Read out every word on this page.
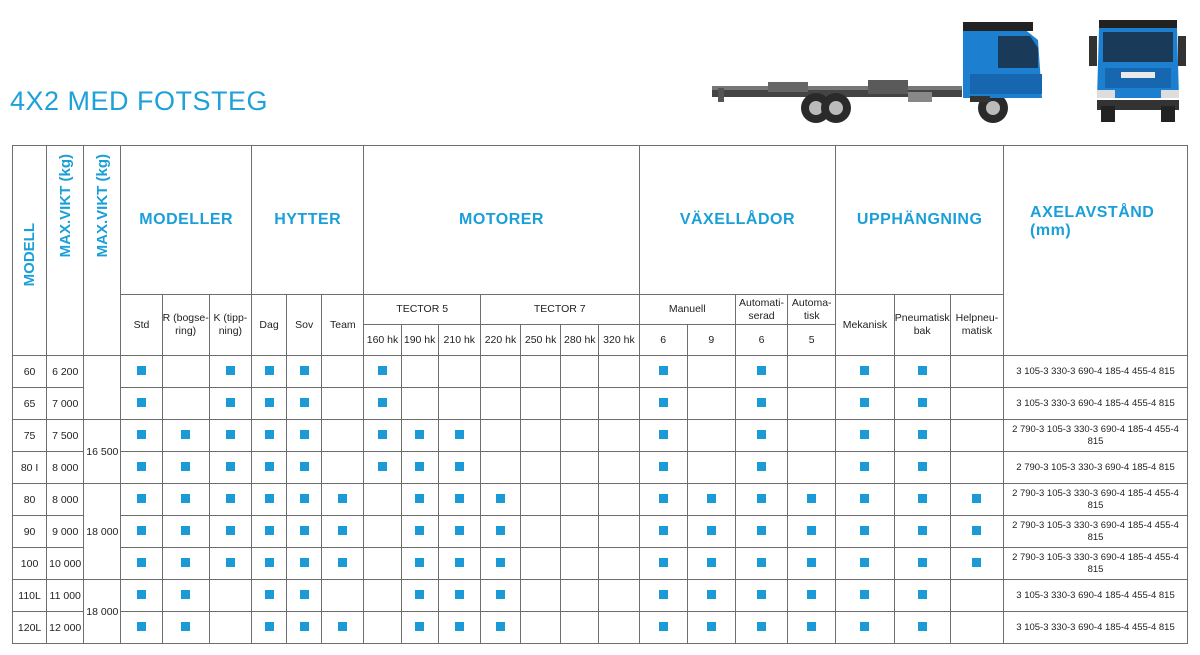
4X2 MED FOTSTEG
MODELL	MAX.VIKT (kg)	MAX.VIKT (kg)	MODELLER			HYTTER			MOTORER							VÄXELLÅDOR				UPPHÄNGNING			AXELAVSTÅND (mm)
			Std	R (bogse-ring)	K (tipp-ning)	Dag	Sov	Team	TECTOR 5			TECTOR 7				Manuell		Automati-serad	Automa-tisk	Mekanisk	Pneumatisk bak	Helpneu-matisk	
									160 hk	190 hk	210 hk	220 hk	250 hk	280 hk	320 hk	6	9	6	5				
60	6 200																						3 105-3 330-3 690-4 185-4 455-4 815
65	7 000																						3 105-3 330-3 690-4 185-4 455-4 815
75	7 500	16 500																					2 790-3 105-3 330-3 690-4 185-4 455-4 815
80 I	8 000																						2 790-3 105-3 330-3 690-4 185-4 815
80	8 000	18 000																					2 790-3 105-3 330-3 690-4 185-4 455-4 815
90	9 000																						2 790-3 105-3 330-3 690-4 185-4 455-4 815
100	10 000																						2 790-3 105-3 330-3 690-4 185-4 455-4 815
110L	11 000	18 000																					3 105-3 330-3 690-4 185-4 455-4 815
120L	12 000																						3 105-3 330-3 690-4 185-4 455-4 815
